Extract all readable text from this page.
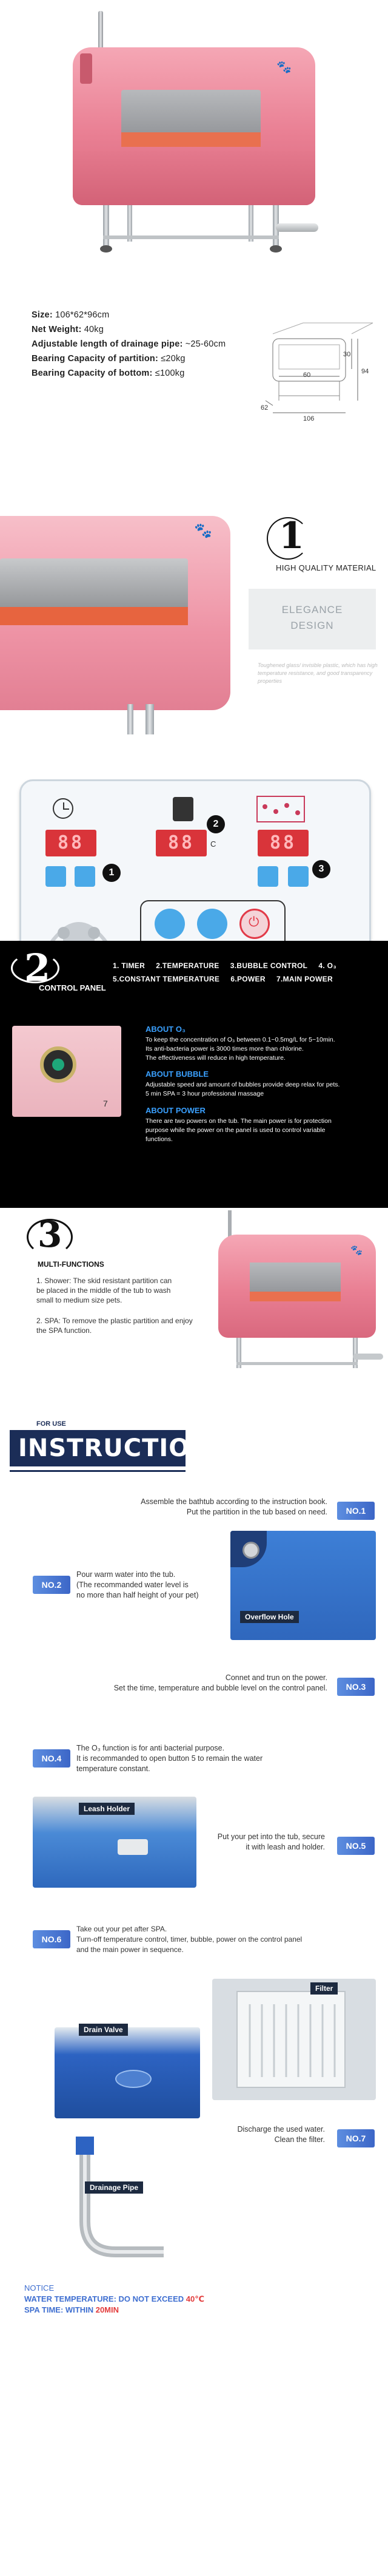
🐾
Size: 106*62*96cm
Net Weight: 40kg
Adjustable length of drainage pipe: ~25-60cm
Bearing Capacity of partition: ≤20kg
Bearing Capacity of bottom: ≤100kg	60
30
94
62
106
🐾 1
HIGH QUALITY MATERIAL
ELEGANCE
DESIGN
Toughened glass/ invisible plastic, which has high temperature resistance, and good transparency properties
88
1
88	C
2
88
3
⏻
2
CONTROL PANEL
1. TIMER 2.TEMPERATURE 3.BUBBLE CONTROL 4. O₃
5.CONSTANT TEMPERATURE 6.POWER 7.MAIN POWER
7
ABOUT O₃
To keep the concentration of O₃ between 0.1~0.5mg/L for 5~10min.
Its anti-bacteria power is 3000 times more than chlorine.
The effectiveness will reduce in high temperature.
ABOUT BUBBLE
Adjustable speed and amount of bubbles provide deep relax for pets.
5 min SPA = 3 hour professional massage
ABOUT POWER
There are two powers on the tub. The main power is for protection
purpose while the power on the panel is used to control variable
functions.
3
MULTI-FUNCTIONS
1. Shower: The skid resistant partition can
be placed in the middle of the tub to wash
small to medium size pets.
2. SPA: To remove the plastic partition and enjoy
the SPA function.
🐾
FOR USE
INSTRUCTIONS
Assemble the bathtub according to the instruction book.
Put the partition in the tub based on need.	NO.1
NO.2
Pour warm water into the tub.
(The recommanded water level is
no more than half height of your pet)
Overflow Hole
Connet and trun on the power.
Set the time, temperature and bubble level on the control panel.	NO.3
NO.4
The O₃ function is for anti bacterial purpose.
It is recommanded to open button 5 to remain the water
temperature constant.
Leash Holder
Put your pet into the tub, secure
it with leash and holder.	NO.5
NO.6
Take out your pet after SPA.
Turn-off temperature control, timer, bubble, power on the control panel
and the main power in sequence.
Filter
Drain Valve
Discharge the used water.
Clean the filter.	NO.7
Drainage Pipe
NOTICE
WATER TEMPERATURE: DO NOT EXCEED 40℃
SPA TIME: WITHIN 20MIN
